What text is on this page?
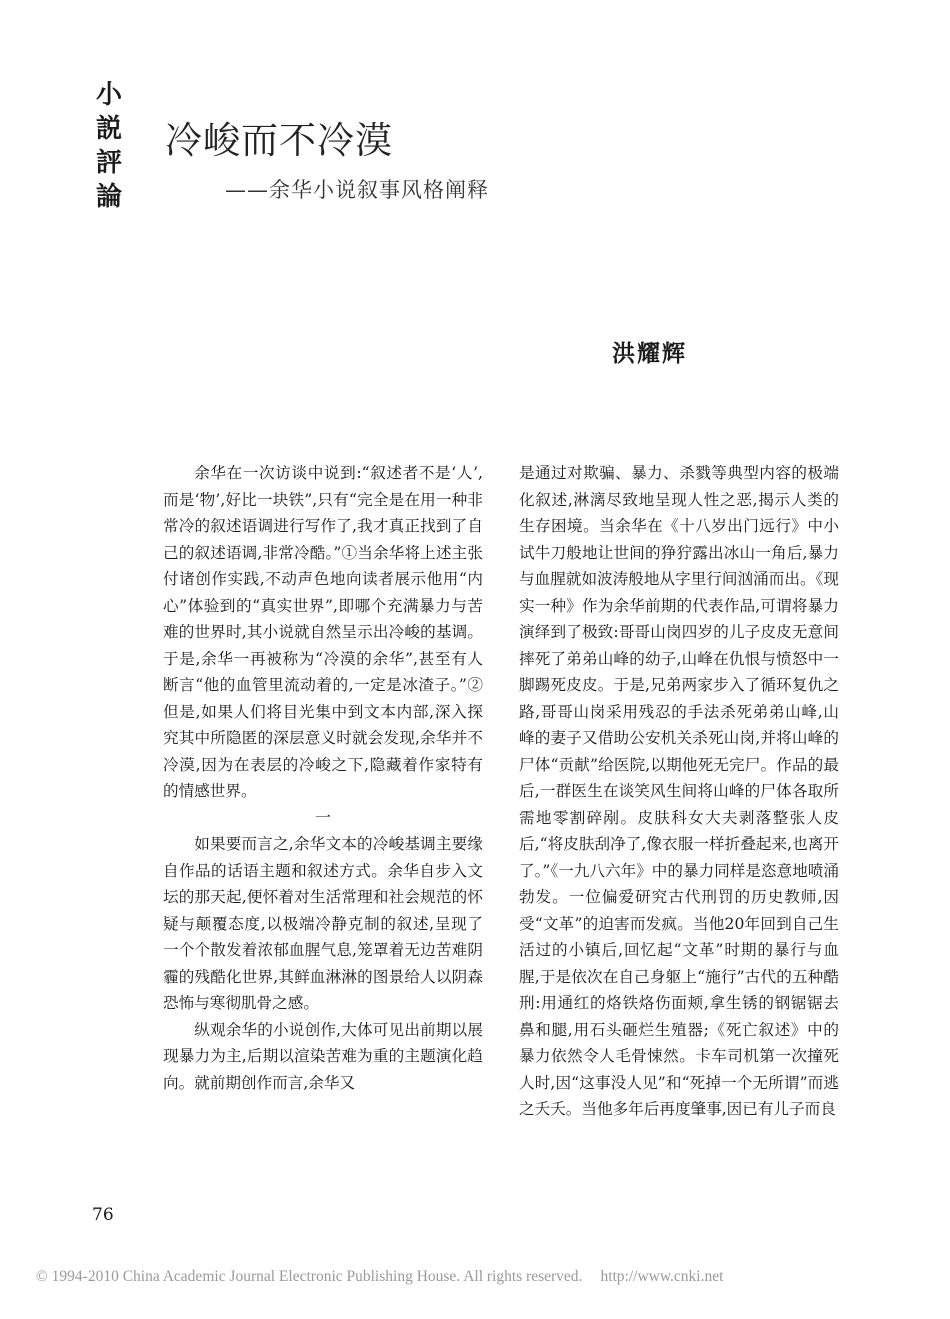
小
説
評
論
冷峻而不冷漠
——余华小说叙事风格阐释
洪耀辉

余华在一次访谈中说到:“叙述者不是‘人’,而是‘物’,好比一块铁”,只有“完全是在用一种非常冷的叙述语调进行写作了,我才真正找到了自己的叙述语调,非常冷酷。”①当余华将上述主张付诸创作实践,不动声色地向读者展示他用“内心”体验到的“真实世界”,即哪个充满暴力与苦难的世界时,其小说就自然呈示出冷峻的基调。于是,余华一再被称为“冷漠的余华”,甚至有人断言“他的血管里流动着的,一定是冰渣子。”②但是,如果人们将目光集中到文本内部,深入探究其中所隐匿的深层意义时就会发现,余华并不冷漠,因为在表层的冷峻之下,隐藏着作家特有的情感世界。

一

如果要而言之,余华文本的冷峻基调主要缘自作品的话语主题和叙述方式。余华自步入文坛的那天起,便怀着对生活常理和社会规范的怀疑与颠覆态度,以极端冷静克制的叙述,呈现了一个个散发着浓郁血腥气息,笼罩着无边苦难阴霾的残酷化世界,其鲜血淋淋的图景给人以阴森恐怖与寒彻肌骨之感。

纵观余华的小说创作,大体可见出前期以展现暴力为主,后期以渲染苦难为重的主题演化趋向。就前期创作而言,余华又

是通过对欺骗、暴力、杀戮等典型内容的极端化叙述,淋漓尽致地呈现人性之恶,揭示人类的生存困境。当余华在《十八岁出门远行》中小试牛刀般地让世间的狰狞露出冰山一角后,暴力与血腥就如波涛般地从字里行间汹涌而出。《现实一种》作为余华前期的代表作品,可谓将暴力演绎到了极致:哥哥山岗四岁的儿子皮皮无意间摔死了弟弟山峰的幼子,山峰在仇恨与愤怒中一脚踢死皮皮。于是,兄弟两家步入了循环复仇之路,哥哥山岗采用残忍的手法杀死弟弟山峰,山峰的妻子又借助公安机关杀死山岗,并将山峰的尸体“贡献”给医院,以期他死无完尸。作品的最后,一群医生在谈笑风生间将山峰的尸体各取所需地零割碎剐。皮肤科女大夫剥落整张人皮后,“将皮肤刮净了,像衣服一样折叠起来,也离开了。”《一九八六年》中的暴力同样是恣意地喷涌勃发。一位偏爱研究古代刑罚的历史教师,因受“文革”的迫害而发疯。当他20年回到自己生活过的小镇后,回忆起“文革”时期的暴行与血腥,于是依次在自己身躯上“施行”古代的五种酷刑:用通红的烙铁烙伤面颊,拿生锈的钢锯锯去鼻和腿,用石头砸烂生殖器;《死亡叙述》中的暴力依然令人毛骨悚然。卡车司机第一次撞死人时,因“这事没人见”和“死掉一个无所谓”而逃之夭夭。当他多年后再度肇事,因已有儿子而良

76
© 1994-2010 China Academic Journal Electronic Publishing House. All rights reserved. http://www.cnki.net
